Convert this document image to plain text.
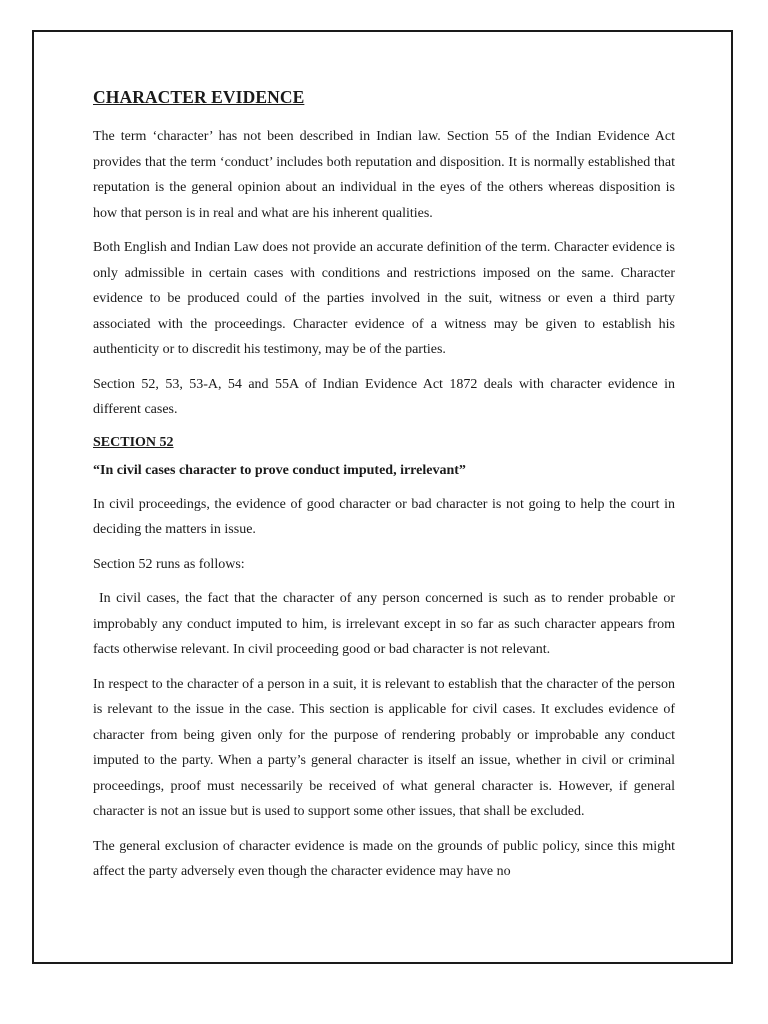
CHARACTER EVIDENCE

The term ‘character’ has not been described in Indian law. Section 55 of the Indian Evidence Act provides that the term ‘conduct’ includes both reputation and disposition. It is normally established that reputation is the general opinion about an individual in the eyes of the others whereas disposition is how that person is in real and what are his inherent qualities.

Both English and Indian Law does not provide an accurate definition of the term. Character evidence is only admissible in certain cases with conditions and restrictions imposed on the same. Character evidence to be produced could of the parties involved in the suit, witness or even a third party associated with the proceedings. Character evidence of a witness may be given to establish his authenticity or to discredit his testimony, may be of the parties.

Section 52, 53, 53-A, 54 and 55A of Indian Evidence Act 1872 deals with character evidence in different cases.

SECTION 52
“In civil cases character to prove conduct imputed, irrelevant”

In civil proceedings, the evidence of good character or bad character is not going to help the court in deciding the matters in issue.

Section 52 runs as follows:

In civil cases, the fact that the character of any person concerned is such as to render probable or improbably any conduct imputed to him, is irrelevant except in so far as such character appears from facts otherwise relevant. In civil proceeding good or bad character is not relevant.

In respect to the character of a person in a suit, it is relevant to establish that the character of the person is relevant to the issue in the case. This section is applicable for civil cases. It excludes evidence of character from being given only for the purpose of rendering probably or improbable any conduct imputed to the party. When a party’s general character is itself an issue, whether in civil or criminal proceedings, proof must necessarily be received of what general character is. However, if general character is not an issue but is used to support some other issues, that shall be excluded.

The general exclusion of character evidence is made on the grounds of public policy, since this might affect the party adversely even though the character evidence may have no
